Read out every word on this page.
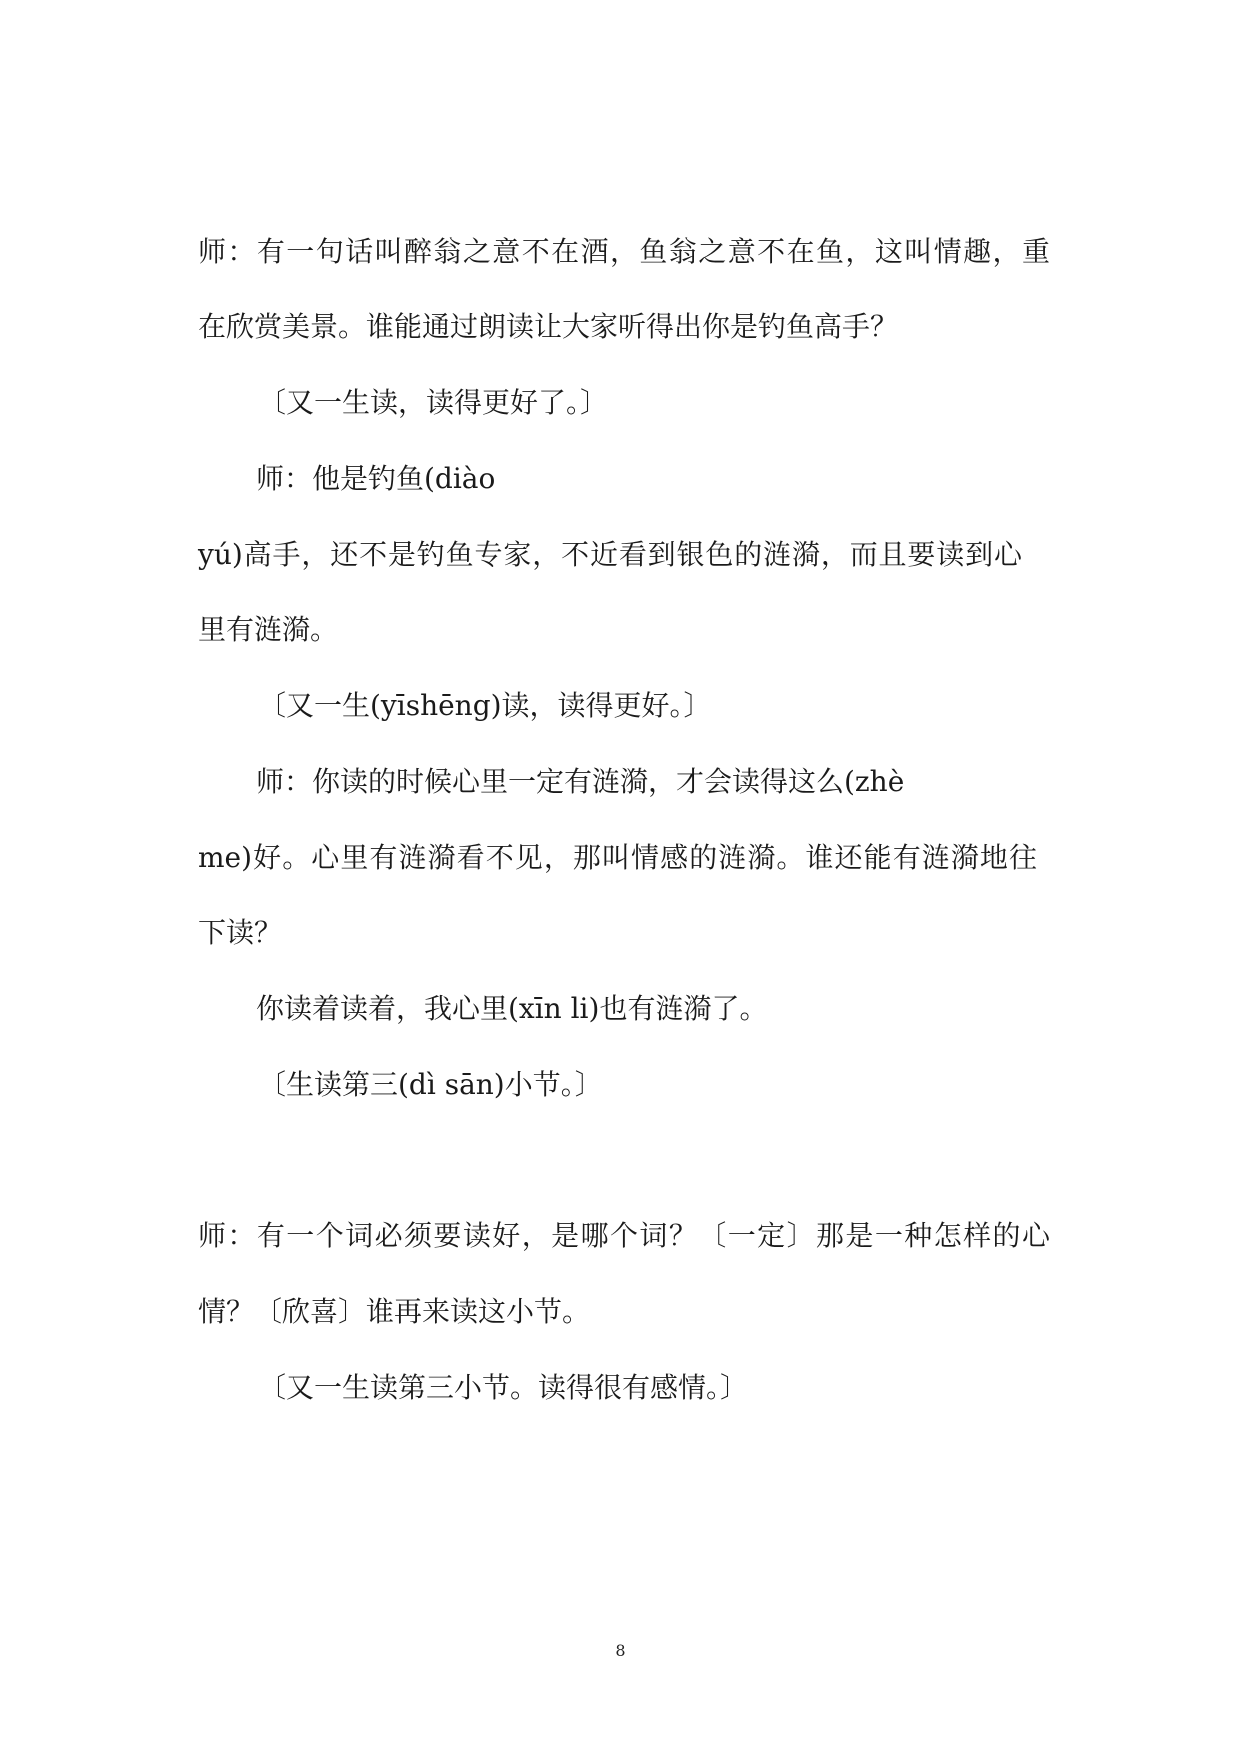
师：有一句话叫醉翁之意不在酒，鱼翁之意不在鱼，这叫情趣，重

在欣赏美景。谁能通过朗读让大家听得出你是钓鱼高手？

〔又一生读，读得更好了。〕

师：他是钓鱼(diào

yú)高手，还不是钓鱼专家，不近看到银色的涟漪，而且要读到心

里有涟漪。

〔又一生(yīshēng)读，读得更好。〕

师：你读的时候心里一定有涟漪，才会读得这么(zhè

me)好。心里有涟漪看不见，那叫情感的涟漪。谁还能有涟漪地往

下读？

你读着读着，我心里(xīn li)也有涟漪了。

〔生读第三(dì sān)小节。〕

师：有一个词必须要读好，是哪个词？〔一定〕那是一种怎样的心

情？〔欣喜〕谁再来读这小节。

〔又一生读第三小节。读得很有感情。〕

8
